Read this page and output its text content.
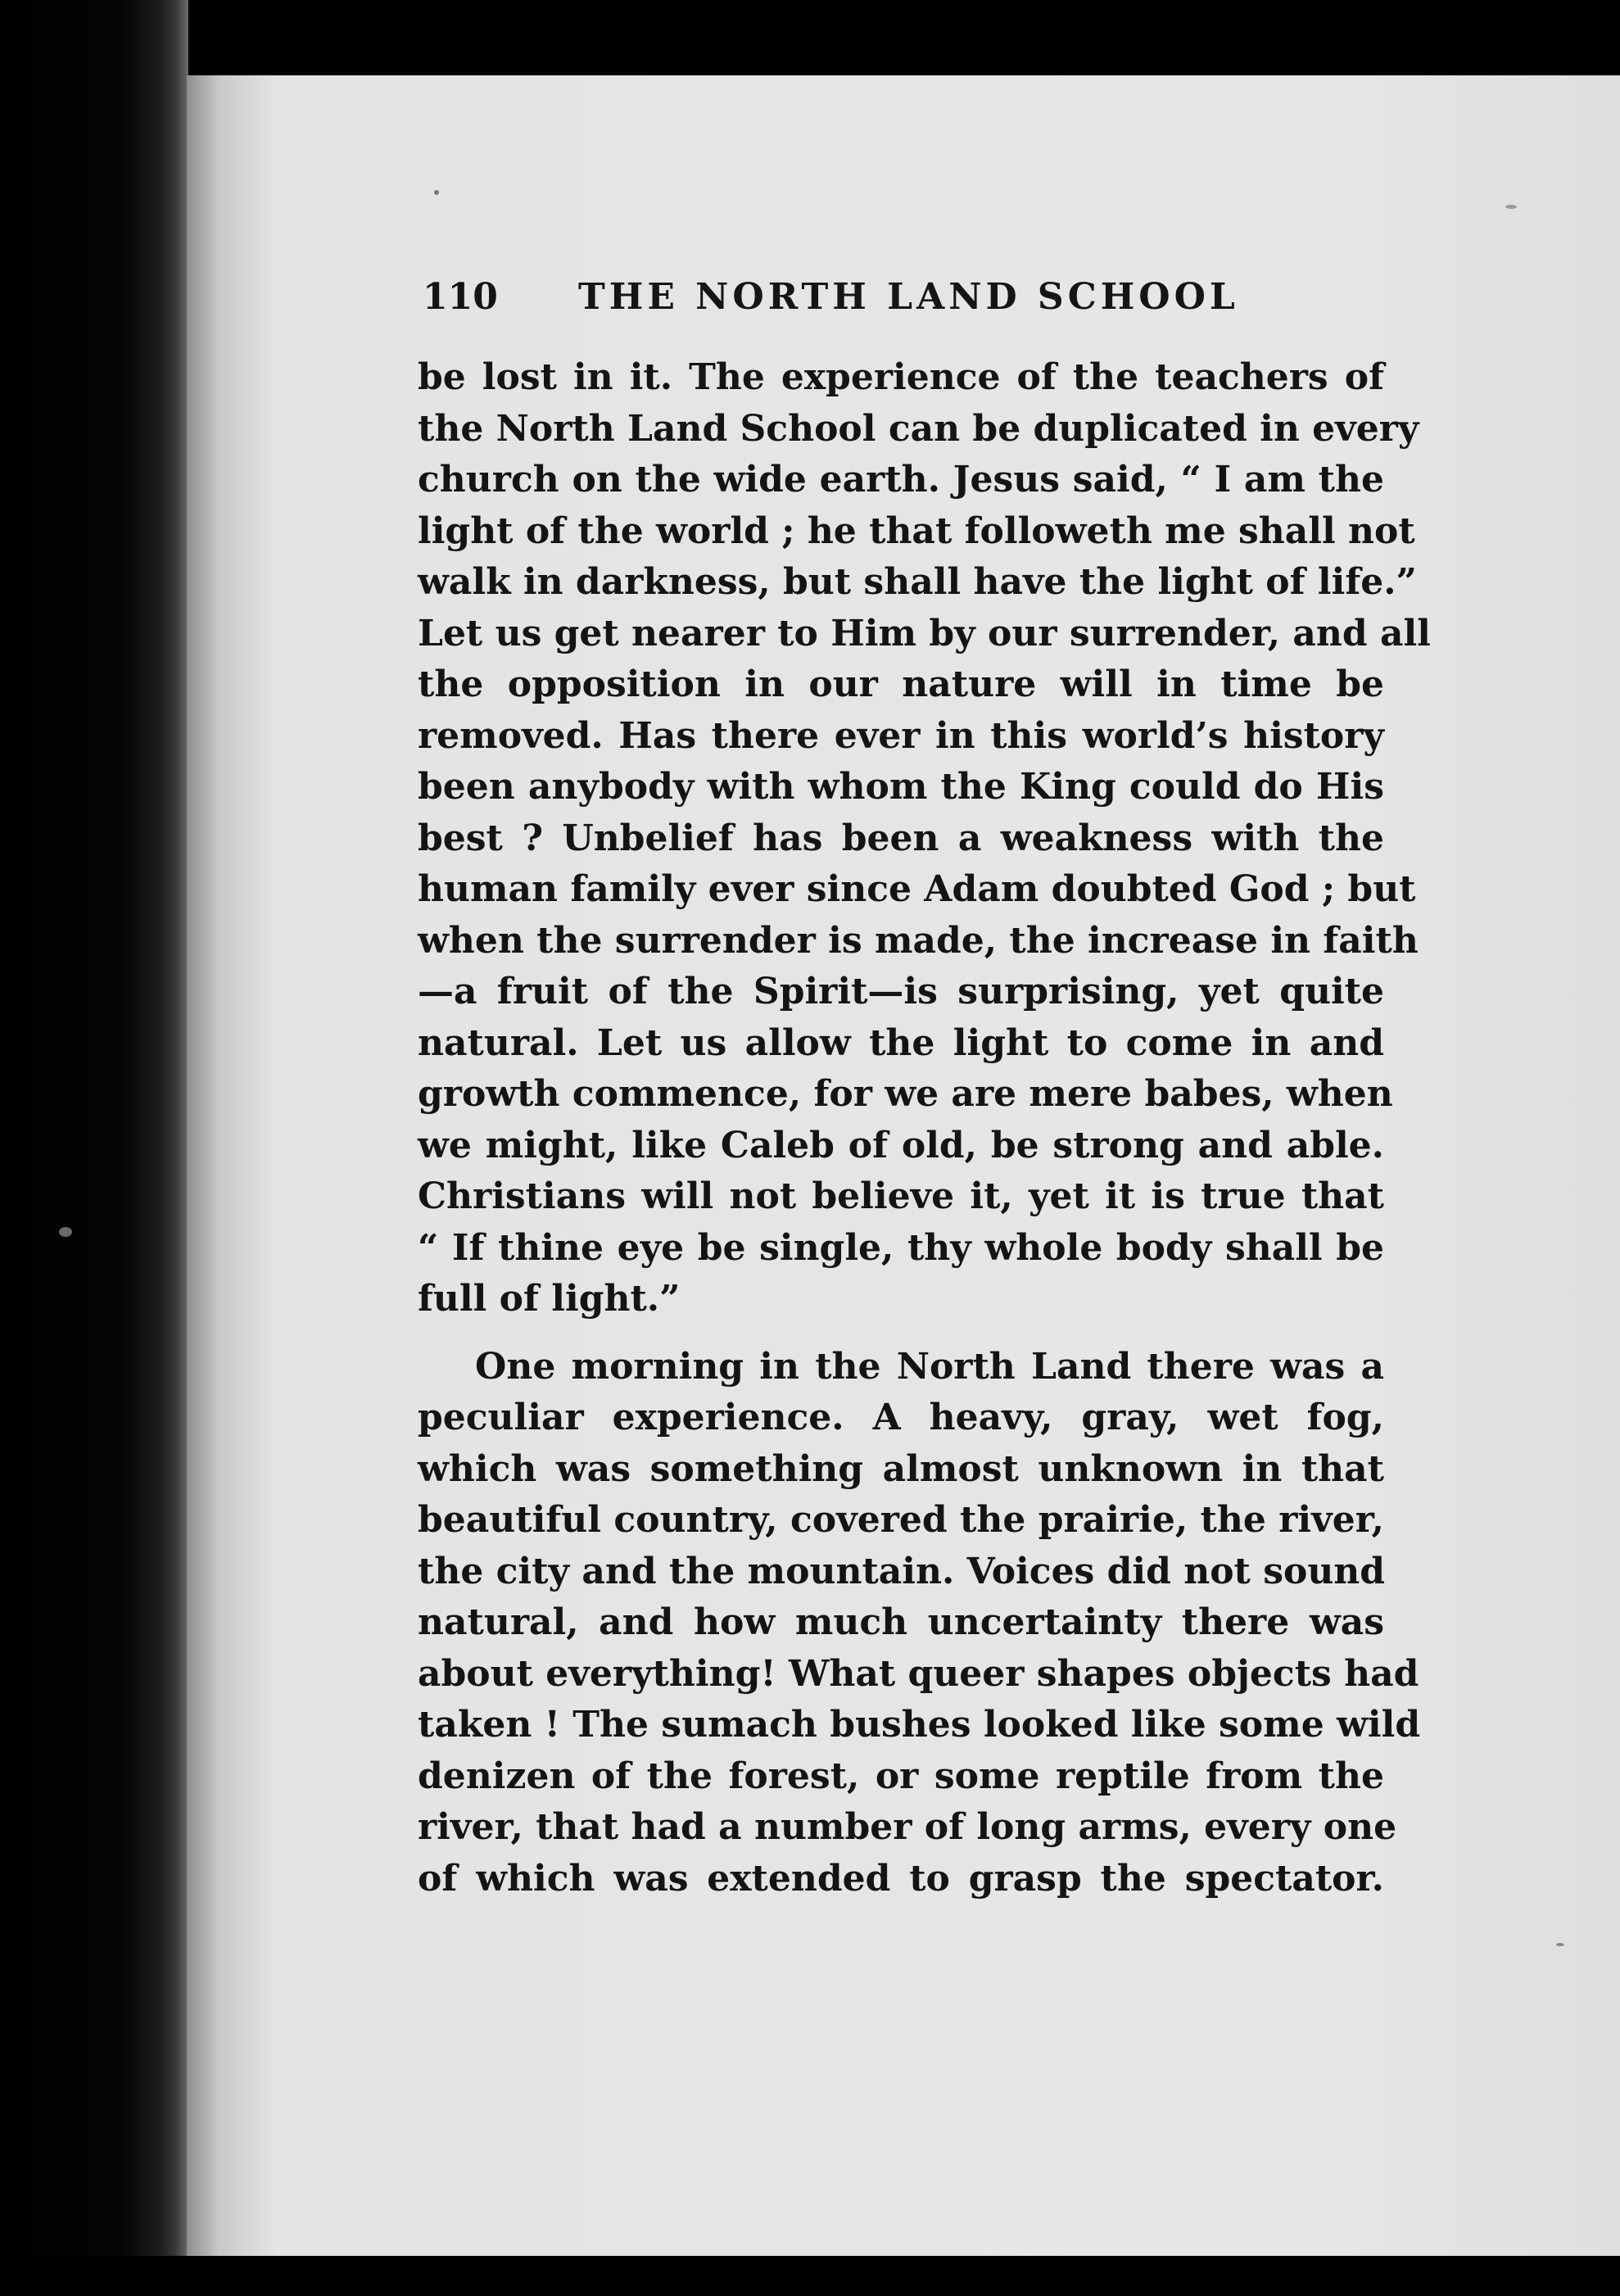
110 THE NORTH LAND SCHOOL
be lost in it. The experience of the teachers of
the North Land School can be duplicated in every
church on the wide earth. Jesus said, “ I am the
light of the world ; he that followeth me shall not
walk in darkness, but shall have the light of life.”
Let us get nearer to Him by our surrender, and all
the opposition in our nature will in time be
removed. Has there ever in this world’s history
been anybody with whom the King could do His
best ? Unbelief has been a weakness with the
human family ever since Adam doubted God ; but
when the surrender is made, the increase in faith
—a fruit of the Spirit—is surprising, yet quite
natural. Let us allow the light to come in and
growth commence, for we are mere babes, when
we might, like Caleb of old, be strong and able.
Christians will not believe it, yet it is true that
“ If thine eye be single, thy whole body shall be
full of light.”
One morning in the North Land there was a
peculiar experience. A heavy, gray, wet fog,
which was something almost unknown in that
beautiful country, covered the prairie, the river,
the city and the mountain. Voices did not sound
natural, and how much uncertainty there was
about everything! What queer shapes objects had
taken ! The sumach bushes looked like some wild
denizen of the forest, or some reptile from the
river, that had a number of long arms, every one
of which was extended to grasp the spectator.
